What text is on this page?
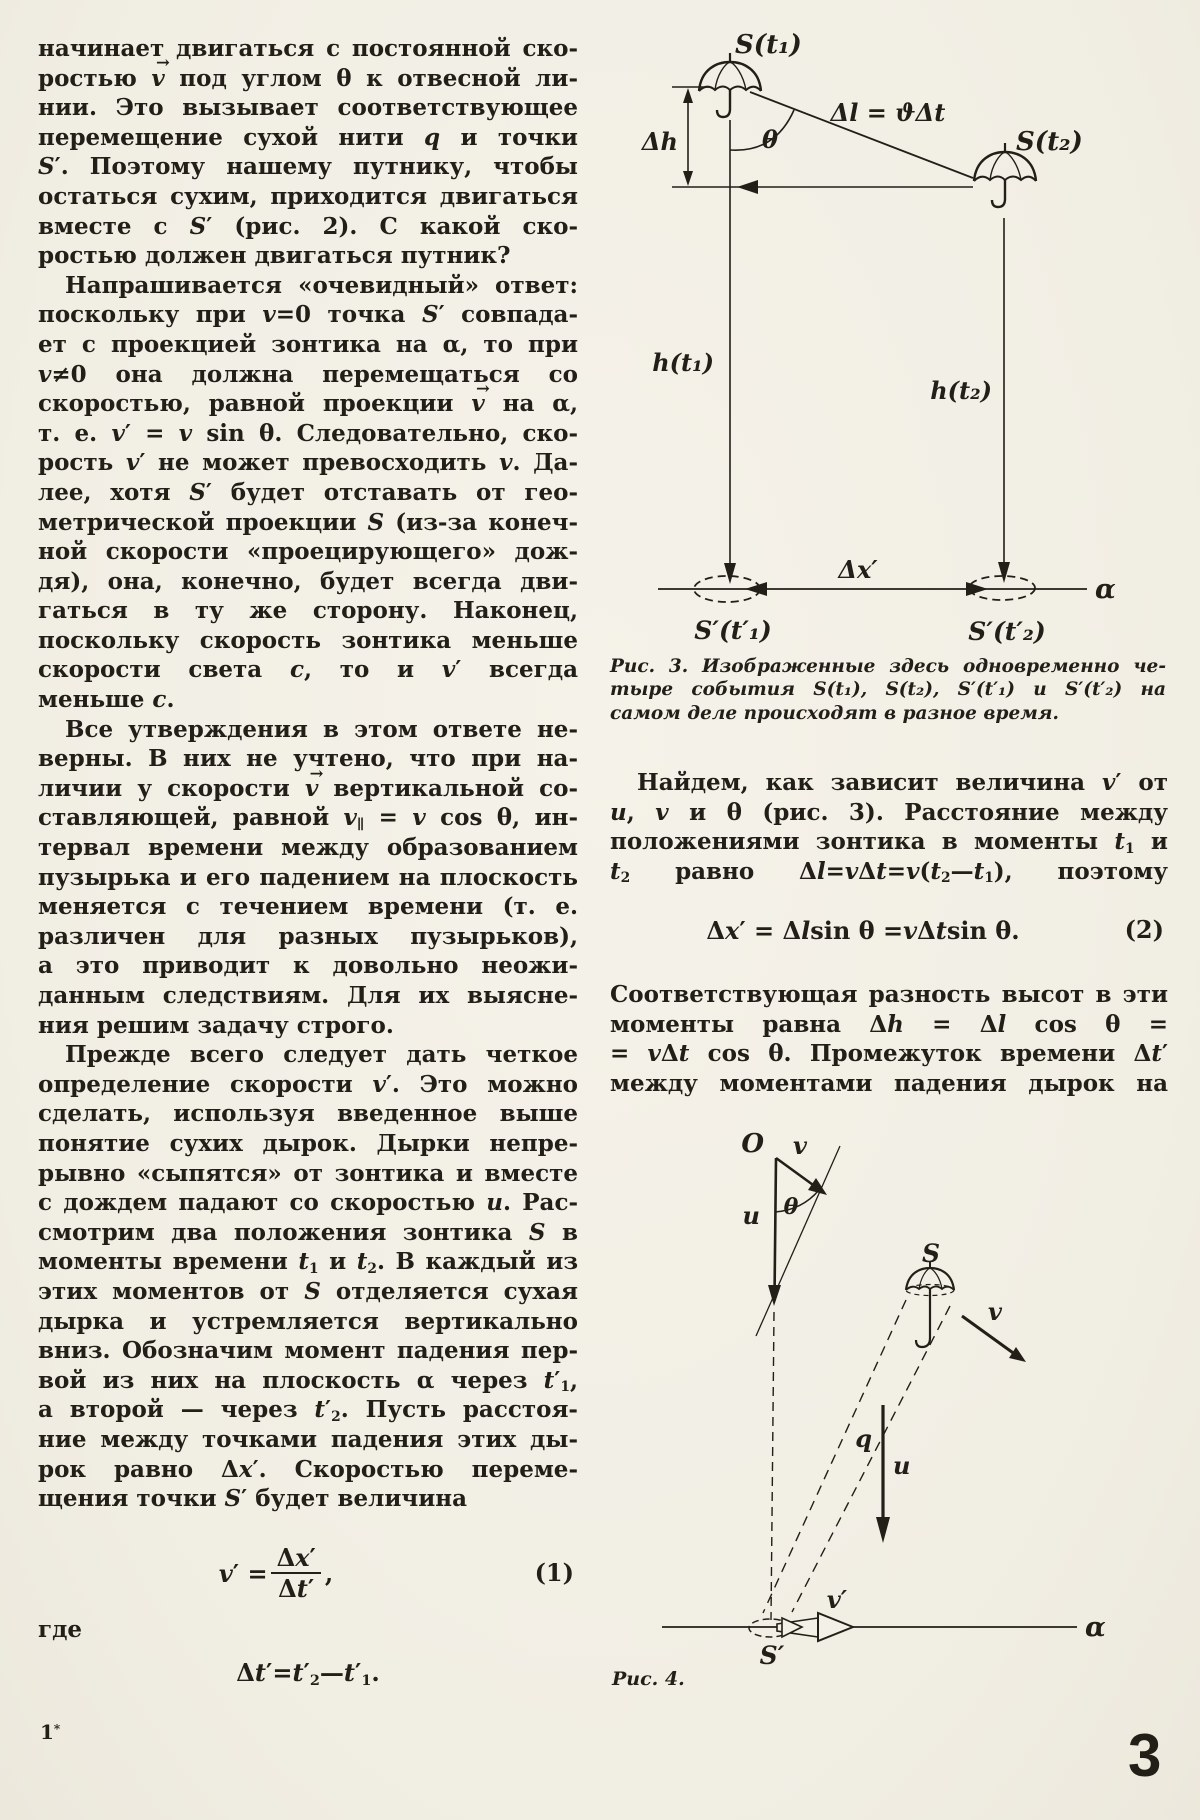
начинает двигаться с постоянной ско-
ростью v → под углом θ к отвесной ли-
нии. Это вызывает соответствующее
перемещение сухой нити q и точки
S′. Поэтому нашему путнику, чтобы
остаться сухим, приходится двигаться
вместе с S′ (рис. 2). С какой ско-
ростью должен двигаться путник?
Напрашивается «очевидный» ответ:
поскольку при v=0 точка S′ совпада-
ет с проекцией зонтика на α, то при
v≠0 она должна перемещаться со
скоростью, равной проекции v → на α,
т. е. v′ = v sin θ. Следовательно, ско-
рость v′ не может превосходить v. Да-
лее, хотя S′ будет отставать от гео-
метрической проекции S (из-за конеч-
ной скорости «проецирующего» дож-
дя), она, конечно, будет всегда дви-
гаться в ту же сторону. Наконец,
поскольку скорость зонтика меньше
скорости света c, то и v′ всегда
меньше c.
Все утверждения в этом ответе не-
верны. В них не учтено, что при на-
личии у скорости v → вертикальной со-
ставляющей, равной $v_\parallel = v$ cos θ, ин-
тервал времени между образованием
пузырька и его падением на плоскость
меняется с течением времени (т. е.
различен для разных пузырьков),
а это приводит к довольно неожи-
данным следствиям. Для их выясне-
ния решим задачу строго.
Прежде всего следует дать четкое
определение скорости v′. Это можно
сделать, используя введенное выше
понятие сухих дырок. Дырки непре-
рывно «сыпятся» от зонтика и вместе
с дождем падают со скоростью u. Рас-
смотрим два положения зонтика S в
моменты времени $t_1$ и $t_2$. В каждый из
этих моментов от S отделяется сухая
дырка и устремляется вертикально
вниз. Обозначим момент падения пер-
вой из них на плоскость α через $t'_1$,
а второй — через $t'_2$. Пусть расстоя-
ние между точками падения этих ды-
рок равно Δx′. Скоростью переме-
щения точки S′ будет величина
$v' = \frac{\Delta x'}{\Delta t'}$ ,	(1)
где
$\Delta t'=t'_2—t'_1$.
1*	3
S(t₁)
S(t₂)
Δh	θ
Δl = ϑΔt
h(t₁)
h(t₂)
Δx′
α
S′(t′₁)	S′(t′₂)
Рис. 3. Изображенные здесь одновременно че-
тыре события S(t₁), S(t₂), S′(t′₁) и S′(t′₂) на
самом деле происходят в разное время.
Найдем, как зависит величина v′ от
u, v и θ (рис. 3). Расстояние между
положениями зонтика в моменты $t_1$ и
$t_2$ равно $\Delta l=v\Delta t=v(t_2—t_1)$, поэтому
Δ x ′ = Δ l sin θ = v Δ t sin θ.	(2)
Соответствующая разность высот в эти
моменты равна Δh = Δl cos θ =
= vΔt cos θ. Промежуток времени Δt′
между моментами падения дырок на
O v
u θ
S
v
q
u
v′
S′
α
Рис. 4.
